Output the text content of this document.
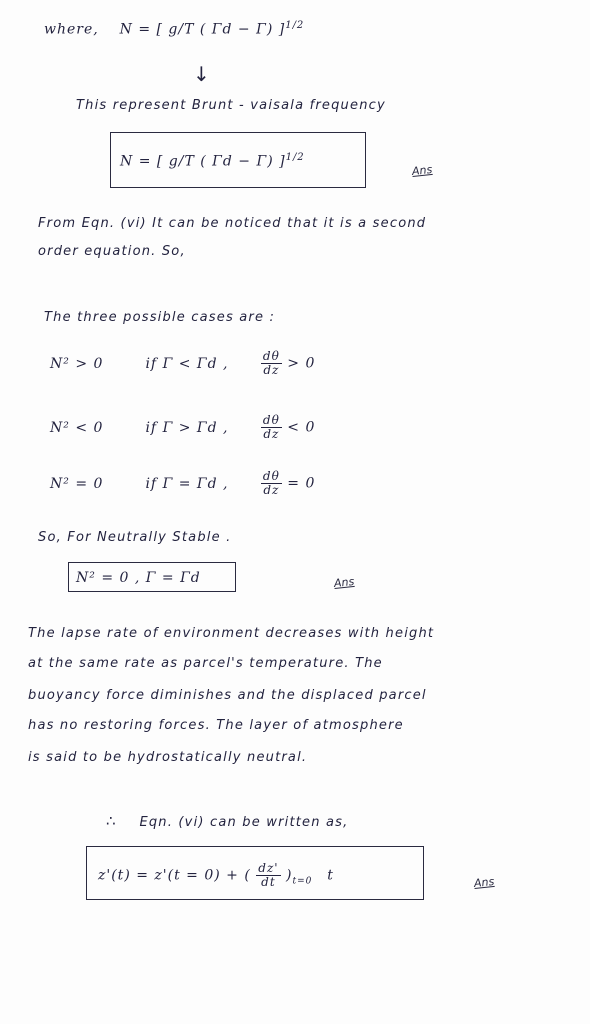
where, N = [ g/T ( Γd − Γ) ]$^{1/2}$
↓
This represent Brunt - vaisala frequency
N = [ g/T ( Γd − Γ) ]$^{1/2}$
Ans
From Eqn. (vi) It can be noticed that it is a second
order equation. So,
The three possible cases are :
N² > 0	if Γ < Γd ,	$\frac{d\theta}{dz} > 0$
N² < 0	if Γ > Γd ,	$\frac{d\theta}{dz} < 0$
N² = 0	if Γ = Γd ,	$\frac{d\theta}{dz} = 0$
So, For Neutrally Stable .
N² = 0 , Γ = Γd	Ans
The lapse rate of environment decreases with height
at the same rate as parcel's temperature. The
buoyancy force diminishes and the displaced parcel
has no restoring forces. The layer of atmosphere
is said to be hydrostatically neutral.
∴ Eqn. (vi) can be written as,
z'(t) = z'(t = 0) + ( $\frac{dz'}{dt} )_{t=0}$ t	Ans
